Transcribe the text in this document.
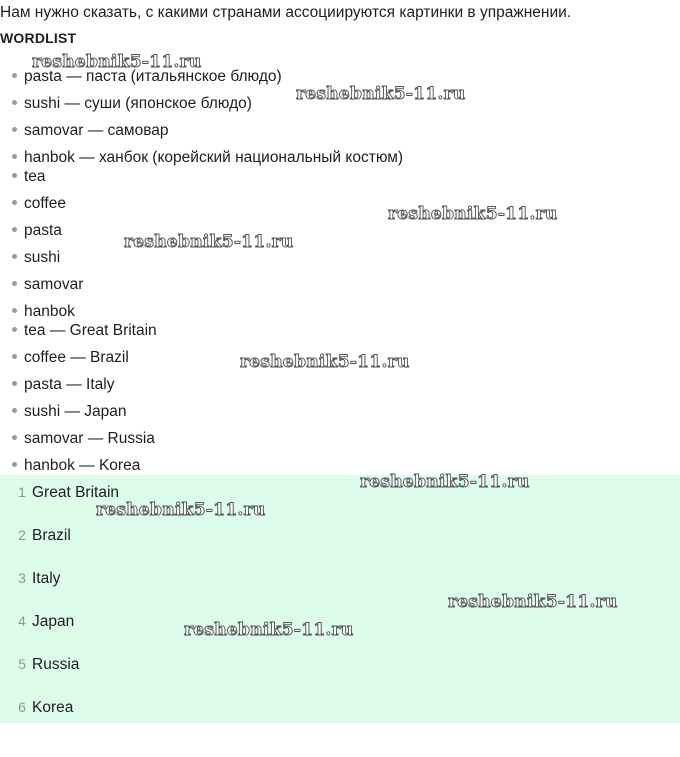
Нам нужно сказать, с какими странами ассоциируются картинки в упражнении.
WORDLIST
pasta — паста (итальянское блюдо)
sushi — суши (японское блюдо)
samovar — самовар
hanbok — ханбок (корейский национальный костюм)
tea
coffee
pasta
sushi
samovar
hanbok
tea — Great Britain
coffee — Brazil
pasta — Italy
sushi — Japan
samovar — Russia
hanbok — Korea
1 Great Britain
2 Brazil
3 Italy
4 Japan
5 Russia
6 Korea
reshebnik5-11.ru
reshebnik5-11.ru
reshebnik5-11.ru
reshebnik5-11.ru
reshebnik5-11.ru
reshebnik5-11.ru
reshebnik5-11.ru
reshebnik5-11.ru
reshebnik5-11.ru
